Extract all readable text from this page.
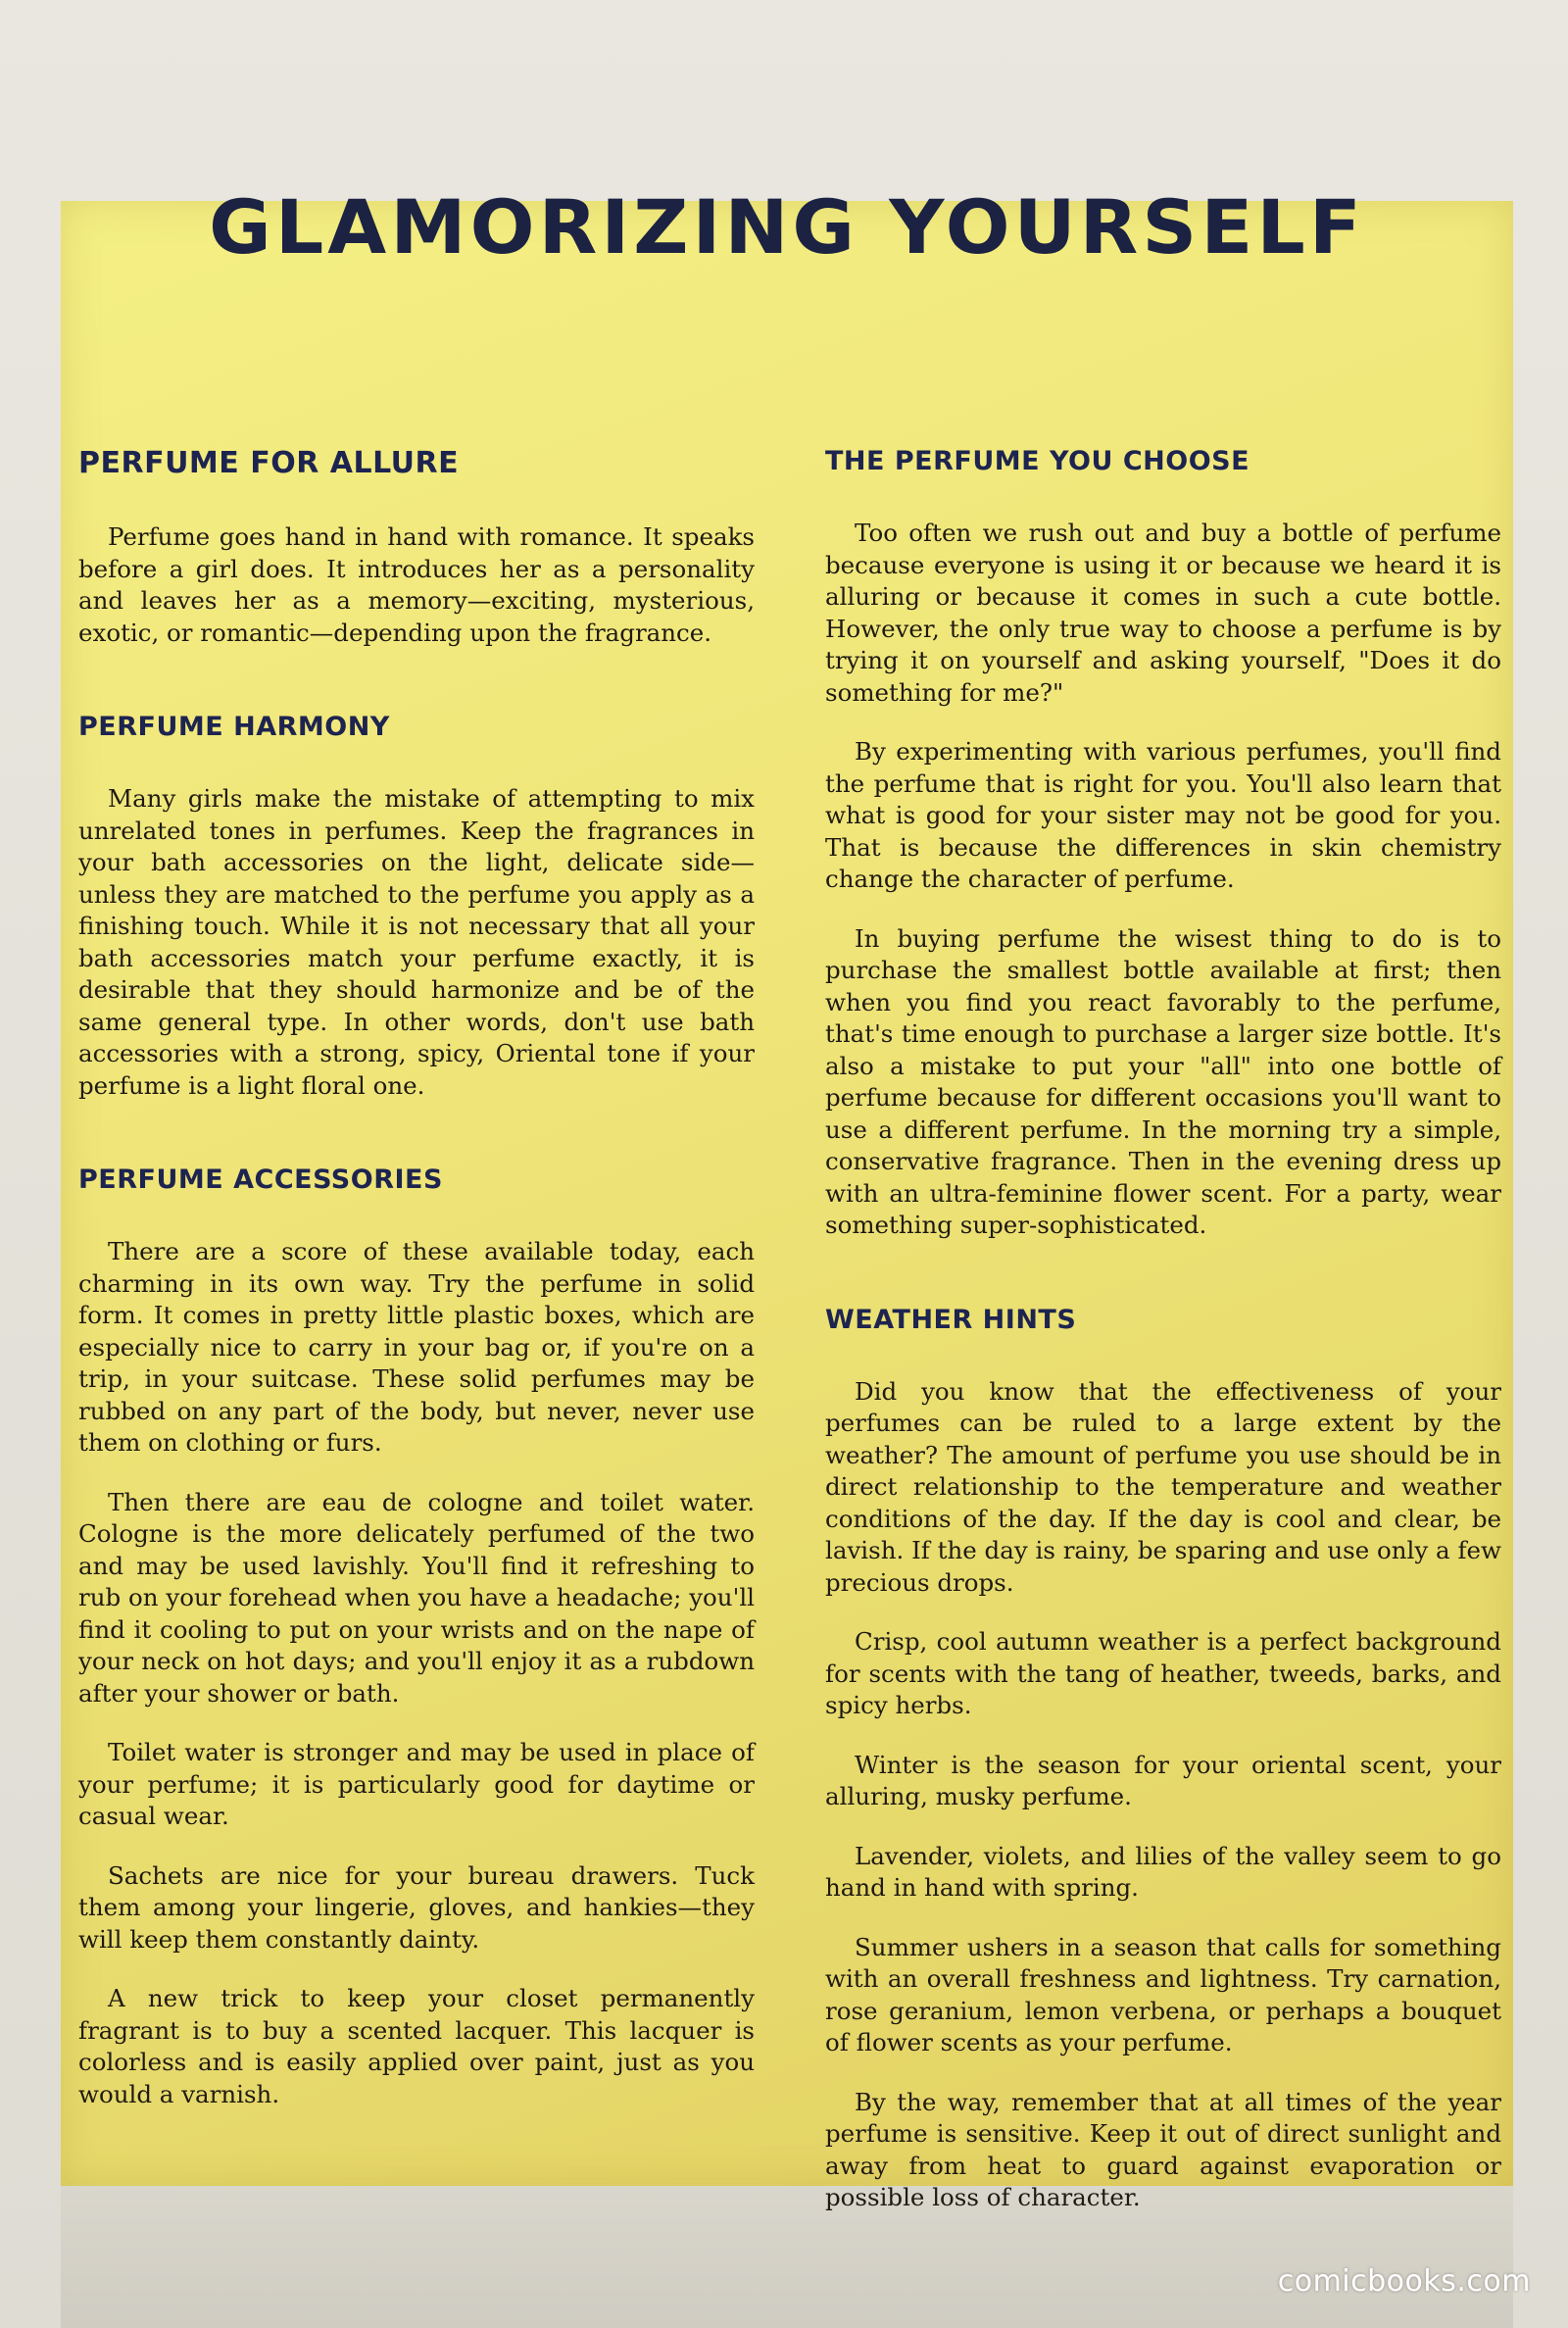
GLAMORIZING YOURSELF
PERFUME FOR ALLURE

Perfume goes hand in hand with romance. It speaks before a girl does. It introduces her as a personality and leaves her as a memory—exciting, mysterious, exotic, or romantic—depending upon the fragrance.

PERFUME HARMONY

Many girls make the mistake of attempting to mix unrelated tones in perfumes. Keep the fragrances in your bath accessories on the light, delicate side—unless they are matched to the perfume you apply as a finishing touch. While it is not necessary that all your bath accessories match your perfume exactly, it is desirable that they should harmonize and be of the same general type. In other words, don't use bath accessories with a strong, spicy, Oriental tone if your perfume is a light floral one.

PERFUME ACCESSORIES

There are a score of these available today, each charming in its own way. Try the perfume in solid form. It comes in pretty little plastic boxes, which are especially nice to carry in your bag or, if you're on a trip, in your suitcase. These solid perfumes may be rubbed on any part of the body, but never, never use them on clothing or furs.

Then there are eau de cologne and toilet water. Cologne is the more delicately perfumed of the two and may be used lavishly. You'll find it refreshing to rub on your forehead when you have a headache; you'll find it cooling to put on your wrists and on the nape of your neck on hot days; and you'll enjoy it as a rubdown after your shower or bath.

Toilet water is stronger and may be used in place of your perfume; it is particularly good for daytime or casual wear.

Sachets are nice for your bureau drawers. Tuck them among your lingerie, gloves, and hankies—they will keep them constantly dainty.

A new trick to keep your closet permanently fragrant is to buy a scented lacquer. This lacquer is colorless and is easily applied over paint, just as you would a varnish.

THE PERFUME YOU CHOOSE

Too often we rush out and buy a bottle of perfume because everyone is using it or because we heard it is alluring or because it comes in such a cute bottle. However, the only true way to choose a perfume is by trying it on yourself and asking yourself, "Does it do something for me?"

By experimenting with various perfumes, you'll find the perfume that is right for you. You'll also learn that what is good for your sister may not be good for you. That is because the differences in skin chemistry change the character of perfume.

In buying perfume the wisest thing to do is to purchase the smallest bottle available at first; then when you find you react favorably to the perfume, that's time enough to purchase a larger size bottle. It's also a mistake to put your "all" into one bottle of perfume because for different occasions you'll want to use a different perfume. In the morning try a simple, conservative fragrance. Then in the evening dress up with an ultra-feminine flower scent. For a party, wear something super-sophisticated.

WEATHER HINTS

Did you know that the effectiveness of your perfumes can be ruled to a large extent by the weather? The amount of perfume you use should be in direct relationship to the temperature and weather conditions of the day. If the day is cool and clear, be lavish. If the day is rainy, be sparing and use only a few precious drops.

Crisp, cool autumn weather is a perfect background for scents with the tang of heather, tweeds, barks, and spicy herbs.

Winter is the season for your oriental scent, your alluring, musky perfume.

Lavender, violets, and lilies of the valley seem to go hand in hand with spring.

Summer ushers in a season that calls for something with an overall freshness and lightness. Try carnation, rose geranium, lemon verbena, or perhaps a bouquet of flower scents as your perfume.

By the way, remember that at all times of the year perfume is sensitive. Keep it out of direct sunlight and away from heat to guard against evaporation or possible loss of character.

comicbooks.com
